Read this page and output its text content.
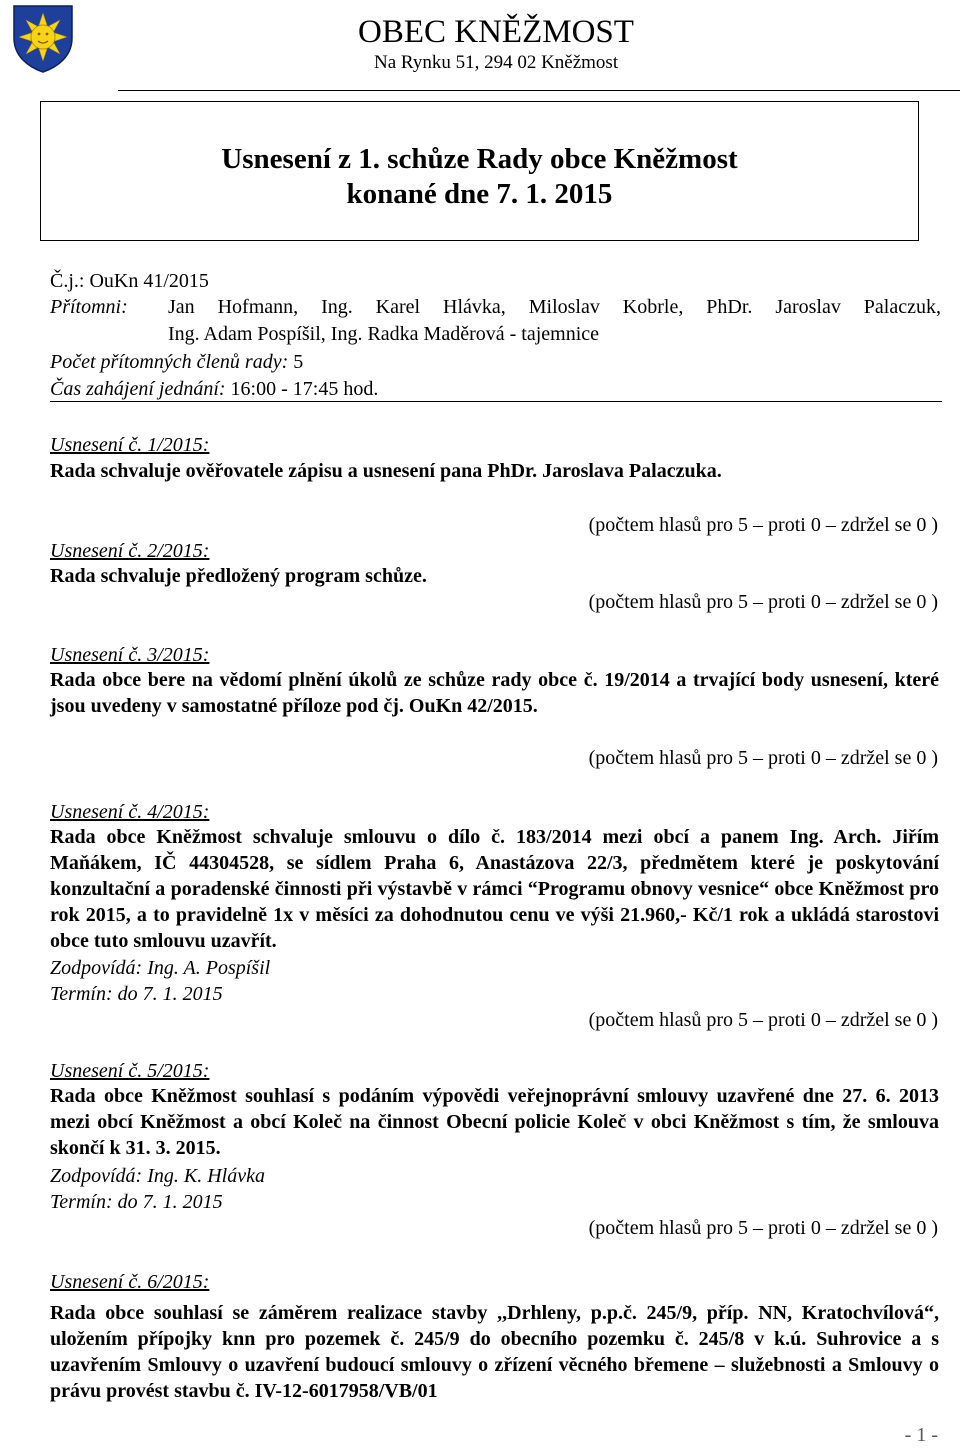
OBEC KNĚŽMOST
Na Rynku 51, 294 02 Kněžmost
Usnesení z 1. schůze Rady obce Kněžmost
konané dne 7. 1. 2015
Č.j.: OuKn 41/2015
Přítomni: Jan Hofmann, Ing. Karel Hlávka, Miloslav Kobrle, PhDr. Jaroslav Palaczuk,
Ing. Adam Pospíšil, Ing. Radka Maděrová - tajemnice
Počet přítomných členů rady: 5
Čas zahájení jednání: 16:00 - 17:45 hod.
Usnesení č. 1/2015:
Rada schvaluje ověřovatele zápisu a usnesení pana PhDr. Jaroslava Palaczuka.
(počtem hlasů pro 5 – proti 0 – zdržel se 0 )
Usnesení č. 2/2015:
Rada schvaluje předložený program schůze.
(počtem hlasů pro 5 – proti 0 – zdržel se 0 )
Usnesení č. 3/2015:
Rada obce bere na vědomí plnění úkolů ze schůze rady obce č. 19/2014 a trvající body usnesení, které jsou uvedeny v samostatné příloze pod čj. OuKn 42/2015.
(počtem hlasů pro 5 – proti 0 – zdržel se 0 )
Usnesení č. 4/2015:
Rada obce Kněžmost schvaluje smlouvu o dílo č. 183/2014 mezi obcí a panem Ing. Arch. Jiřím Maňákem, IČ 44304528, se sídlem Praha 6, Anastázova 22/3, předmětem které je poskytování konzultační a poradenské činnosti při výstavbě v rámci “Programu obnovy vesnice“ obce Kněžmost pro rok 2015, a to pravidelně 1x v měsíci za dohodnutou cenu ve výši 21.960,- Kč/1 rok a ukládá starostovi obce tuto smlouvu uzavřít.
Zodpovídá: Ing. A. Pospíšil
Termín: do 7. 1. 2015
(počtem hlasů pro 5 – proti 0 – zdržel se 0 )
Usnesení č. 5/2015:
Rada obce Kněžmost souhlasí s podáním výpovědi veřejnoprávní smlouvy uzavřené dne 27. 6. 2013 mezi obcí Kněžmost a obcí Koleč na činnost Obecní policie Koleč v obci Kněžmost s tím, že smlouva skončí k 31. 3. 2015.
Zodpovídá: Ing. K. Hlávka
Termín: do 7. 1. 2015
(počtem hlasů pro 5 – proti 0 – zdržel se 0 )
Usnesení č. 6/2015:
Rada obce souhlasí se záměrem realizace stavby ,,Drhleny, p.p.č. 245/9, příp. NN, Kratochvílová“, uložením přípojky knn pro pozemek č. 245/9 do obecního pozemku č. 245/8 v k.ú. Suhrovice a s uzavřením Smlouvy o uzavření budoucí smlouvy o zřízení věcného břemene – služebnosti a Smlouvy o právu provést stavbu č. IV-12-6017958/VB/01
- 1 -
